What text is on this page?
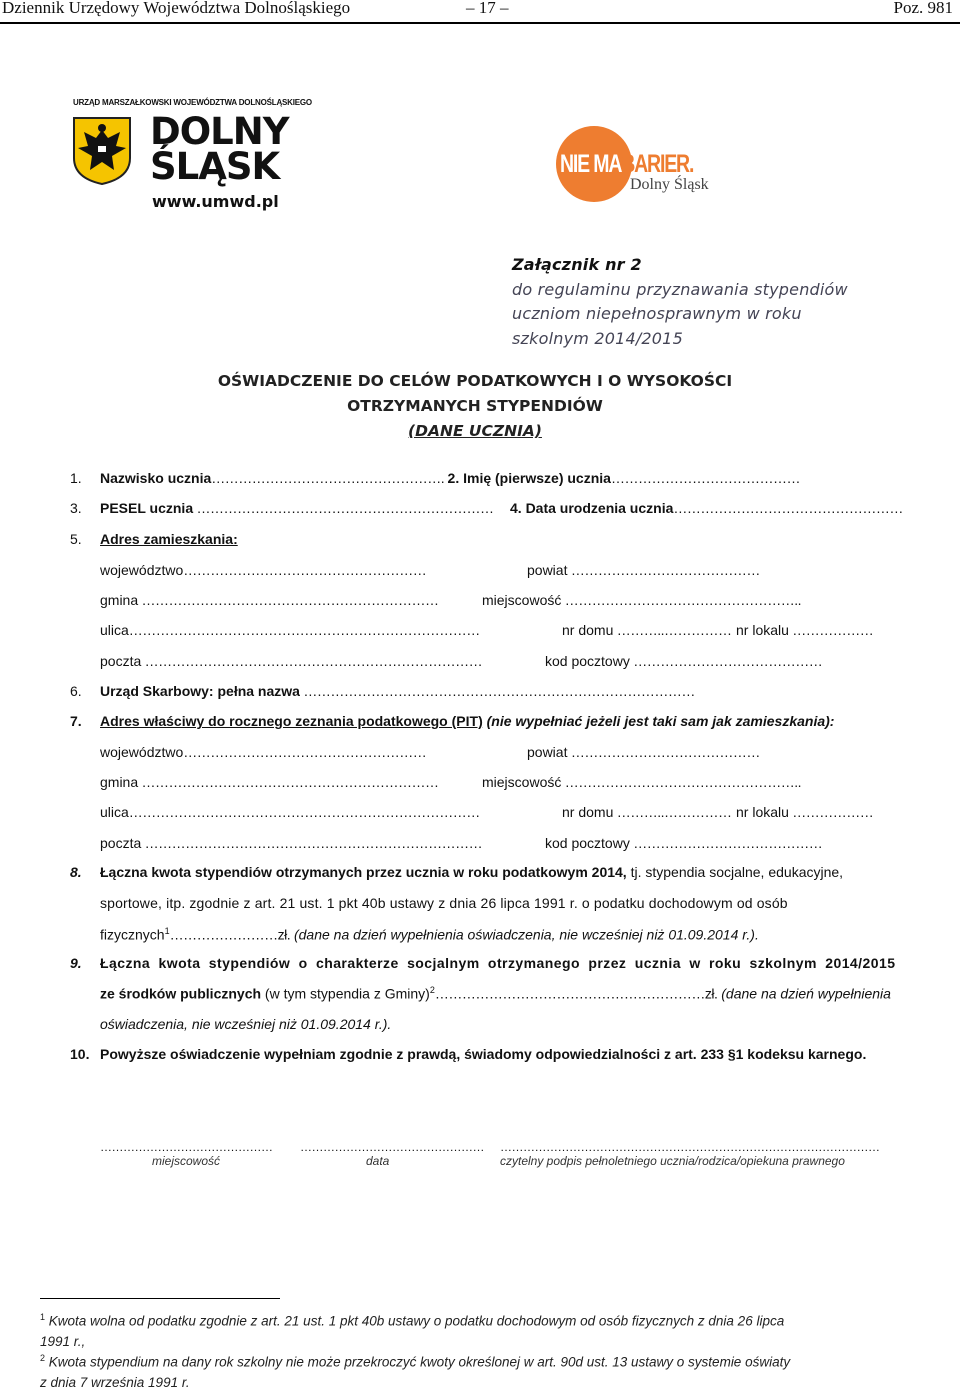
Dziennik Urzędowy Województwa Dolnośląskiego	– 17 –	Poz. 981
URZĄD MARSZAŁKOWSKI WOJEWÓDZTWA DOLNOŚLĄSKIEGO
DOLNY
ŚLĄSK
www.umwd.pl
NIE MABARIER.
Dolny Śląsk
Załącznik nr 2
do regulaminu przyznawania stypendiów
uczniom niepełnosprawnym w roku
szkolnym 2014/2015
OŚWIADCZENIE DO CELÓW PODATKOWYCH I O WYSOKOŚCI
OTRZYMANYCH STYPENDIÓW
(DANE UCZNIA)
1. Nazwisko ucznia……………………………………………. 2. Imię (pierwsze) ucznia……………………………………
3. PESEL ucznia ………………………………………………………… 4. Data urodzenia ucznia……………………………………………
5. Adres zamieszkania:
województwo………………………………………………	powiat ……………………………………
gmina …………………………………………………………	miejscowość ……………………………………………..
ulica……………………………………………………………………	nr domu ………..…………… nr lokalu ………………
poczta …………………………………………………………………	kod pocztowy ……………………………………
6. Urząd Skarbowy: pełna nazwa ……………………………………………………………………………
7. Adres właściwy do rocznego zeznania podatkowego (PIT) (nie wypełniać jeżeli jest taki sam jak zamieszkania):
województwo………………………………………………	powiat ……………………………………
gmina …………………………………………………………	miejscowość ……………………………………………..
ulica……………………………………………………………………	nr domu ………..…………… nr lokalu ………………
poczta …………………………………………………………………	kod pocztowy ……………………………………
8. Łączna kwota stypendiów otrzymanych przez ucznia w roku podatkowym 2014, tj. stypendia socjalne, edukacyjne,
sportowe, itp. zgodnie z art. 21 ust. 1 pkt 40b ustawy z dnia 26 lipca 1991 r. o podatku dochodowym od osób
fizycznych$^1$……………………zł. (dane na dzień wypełnienia oświadczenia, nie wcześniej niż 01.09.2014 r.).
9. Łączna kwota stypendiów o charakterze socjalnym otrzymanego przez ucznia w roku szkolnym 2014/2015
ze środków publicznych (w tym stypendia z Gminy)$^2$……………………………………………………zł. (dane na dzień wypełnienia
oświadczenia, nie wcześniej niż 01.09.2014 r.).
10. Powyższe oświadczenie wypełniam zgodnie z prawdą, świadomy odpowiedzialności z art. 233 §1 kodeksu karnego.
………………………………………
miejscowość
…………………………………………
data
………………………………………………………………………………………
czytelny podpis pełnoletniego ucznia/rodzica/opiekuna prawnego
$^1$ Kwota wolna od podatku zgodnie z art. 21 ust. 1 pkt 40b ustawy o podatku dochodowym od osób fizycznych z dnia 26 lipca
1991 r.,
$^2$ Kwota stypendium na dany rok szkolny nie może przekroczyć kwoty określonej w art. 90d ust. 13 ustawy o systemie oświaty
z dnia 7 września 1991 r.
